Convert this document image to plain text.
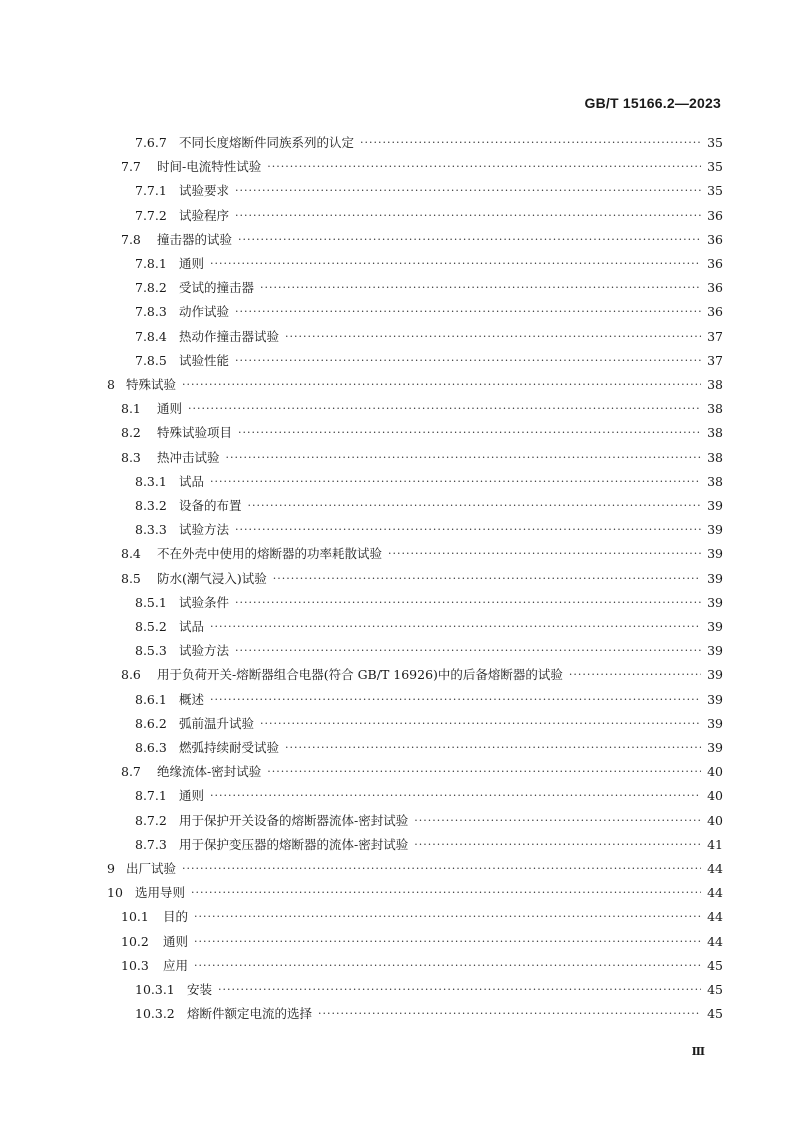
GB/T 15166.2—2023
7.6.7 不同长度熔断件同族系列的认定 ·····	35
7.7	时间-电流特性试验 ·····	35
7.7.1 试验要求 ·····	35
7.7.2 试验程序 ·····	36
7.8	撞击器的试验 ·····	36
7.8.1 通则 ·····	36
7.8.2 受试的撞击器 ·····	36
7.8.3 动作试验 ·····	36
7.8.4 热动作撞击器试验 ·····	37
7.8.5 试验性能 ·····	37
8 特殊试验 ·····	38
8.1	通则 ·····	38
8.2	特殊试验项目 ·····	38
8.3	热冲击试验 ·····	38
8.3.1 试品 ·····	38
8.3.2 设备的布置 ·····	39
8.3.3 试验方法 ·····	39
8.4	不在外壳中使用的熔断器的功率耗散试验 ·····	39
8.5	防水(潮气浸入)试验 ·····	39
8.5.1 试验条件 ·····	39
8.5.2 试品 ·····	39
8.5.3 试验方法 ·····	39
8.6	用于负荷开关-熔断器组合电器(符合 GB/T 16926)中的后备熔断器的试验 ·····	39
8.6.1 概述 ·····	39
8.6.2 弧前温升试验 ·····	39
8.6.3 燃弧持续耐受试验 ·····	39
8.7	绝缘流体-密封试验 ·····	40
8.7.1 通则 ·····	40
8.7.2 用于保护开关设备的熔断器流体-密封试验 ·····	40
8.7.3 用于保护变压器的熔断器的流体-密封试验 ·····	41
9 出厂试验 ·····	44
10 选用导则 ·····	44
10.1	目的 ·····	44
10.2	通则 ·····	44
10.3	应用 ·····	45
10.3.1 安装 ·····	45
10.3.2 熔断件额定电流的选择 ·····	45
Ⅲ
